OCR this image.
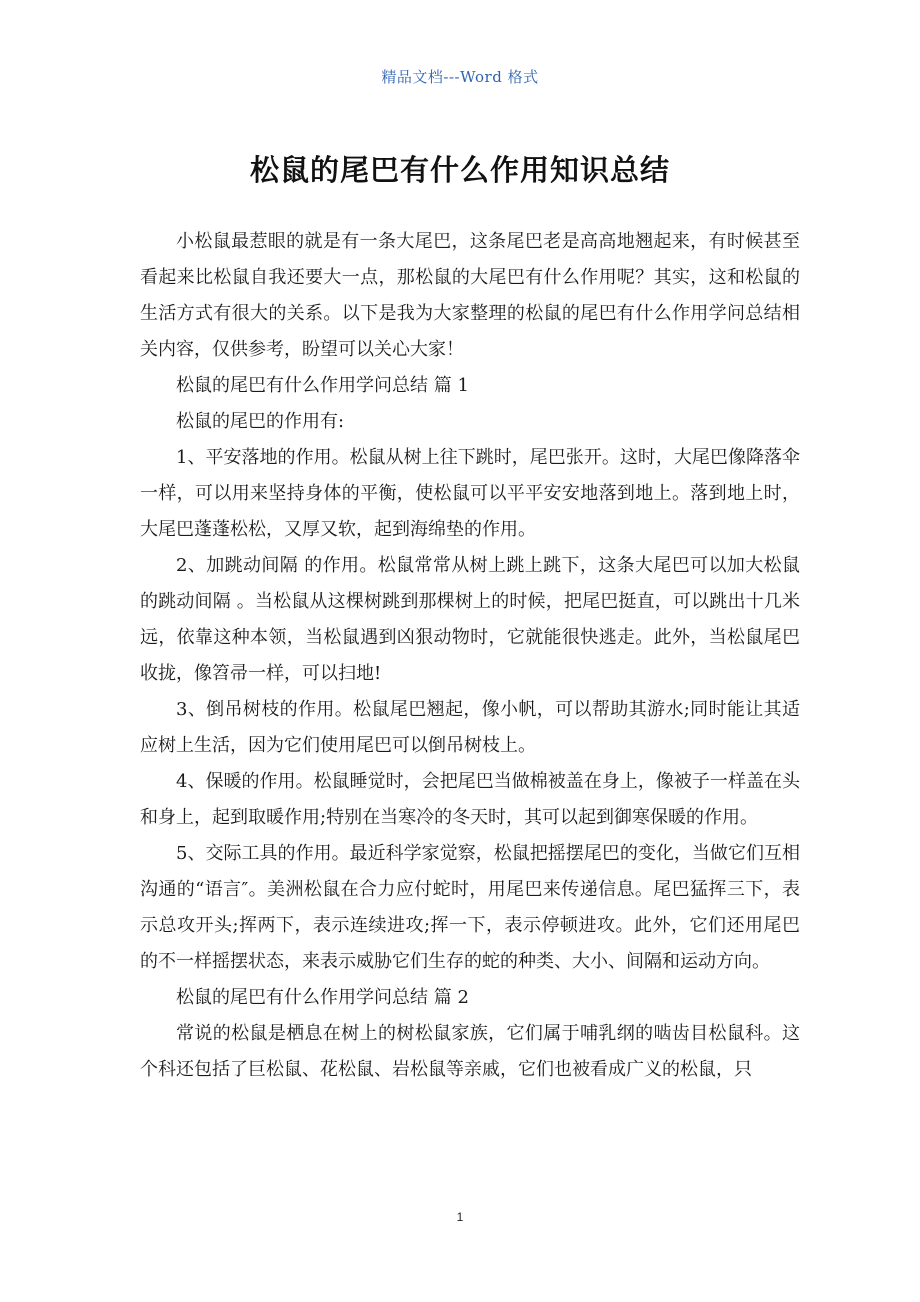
精品文档---Word 格式
松鼠的尾巴有什么作用知识总结

小松鼠最惹眼的就是有一条大尾巴，这条尾巴老是高高地翘起来，有时候甚至看起来比松鼠自我还要大一点，那松鼠的大尾巴有什么作用呢？其实，这和松鼠的生活方式有很大的关系。以下是我为大家整理的松鼠的尾巴有什么作用学问总结相关内容，仅供参考，盼望可以关心大家！

松鼠的尾巴有什么作用学问总结 篇 1

松鼠的尾巴的作用有:

1、平安落地的作用。松鼠从树上往下跳时，尾巴张开。这时，大尾巴像降落伞一样，可以用来坚持身体的平衡，使松鼠可以平平安安地落到地上。落到地上时，大尾巴蓬蓬松松，又厚又软，起到海绵垫的作用。

2、加跳动间隔 的作用。松鼠常常从树上跳上跳下，这条大尾巴可以加大松鼠的跳动间隔 。当松鼠从这棵树跳到那棵树上的时候，把尾巴挺直，可以跳出十几米远，依靠这种本领，当松鼠遇到凶狠动物时，它就能很快逃走。此外，当松鼠尾巴收拢，像笤帚一样，可以扫地!

3、倒吊树枝的作用。松鼠尾巴翘起，像小帆，可以帮助其游水;同时能让其适应树上生活，因为它们使用尾巴可以倒吊树枝上。

4、保暖的作用。松鼠睡觉时，会把尾巴当做棉被盖在身上，像被子一样盖在头和身上，起到取暖作用;特别在当寒冷的冬天时，其可以起到御寒保暖的作用。

5、交际工具的作用。最近科学家觉察，松鼠把摇摆尾巴的变化，当做它们互相沟通的“语言″。美洲松鼠在合力应付蛇时，用尾巴来传递信息。尾巴猛挥三下，表示总攻开头;挥两下，表示连续进攻;挥一下，表示停顿进攻。此外，它们还用尾巴的不一样摇摆状态，来表示威胁它们生存的蛇的种类、大小、间隔和运动方向。

松鼠的尾巴有什么作用学问总结 篇 2

常说的松鼠是栖息在树上的树松鼠家族，它们属于哺乳纲的啮齿目松鼠科。这个科还包括了巨松鼠、花松鼠、岩松鼠等亲戚，它们也被看成广义的松鼠，只

1
